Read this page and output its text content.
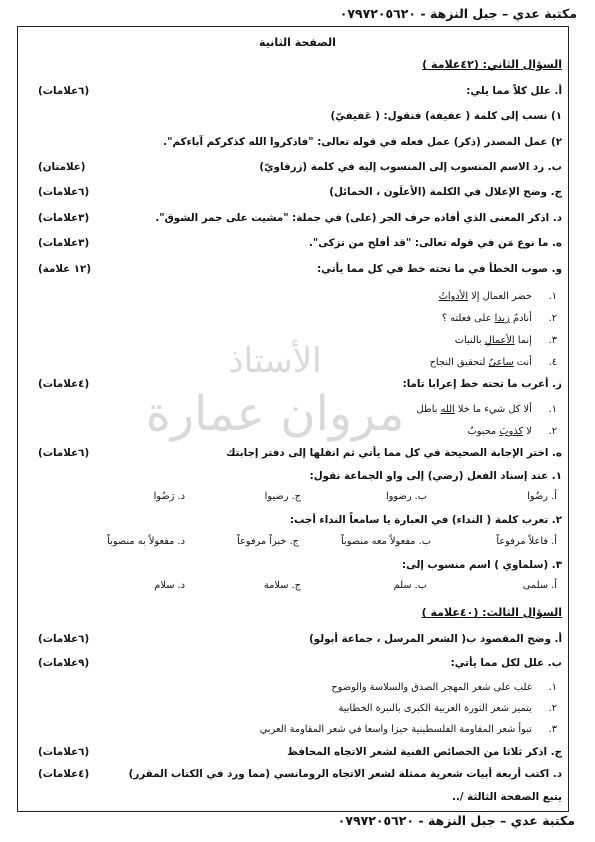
مكتبة عدي – جبل النزهة - ٠٧٩٧٢٠٥٦٢٠
الصفحة الثانية
الأستاذ
مروان عمارة
السؤال الثاني: (٤٢علامة )
أ. علل كلاً مما يلي:
(٦علامات)
١) نسب إلى كلمة ( عفيفة) فنقول: ( عَفيفيّ)
٢) عمل المصدر (ذكر) عمل فعله في قوله تعالى: "فاذكروا الله كذكركم آباءكم".
ب. رد الاسم المنسوب إلى المنسوب إليه في كلمة (زرقاويّ)
(علامتان)
ج. وضح الإعلال في الكلمة (الأعلَون ، الخمائل)
(٦علامات)
د. اذكر المعنى الذي أفاده حرف الجر (على) في جملة: "مشيت على جمر الشوق".
(٣علامات)
ه. ما نوع مَن في قوله تعالى: "قد أفلح من تزكى".
(٣علامات)
و. صوب الخطأ في ما تحته خط في كل مما يأتي:
(١٢ علامة)
١. حضر العمال إلا الأدواتُ
٢. أنادمُ زيدا على فعلته ؟
٣. إنما الأعمالِ بالنيات
٤. أنت ساعيٌ لتحقيق النجاح
ز. أعرب ما تحته خط إعرابا تاما:
(٤علامات)
١. ألا كل شيء ما خلا الله باطل
٢. لا كذوبَ محبوبٌ
ه. اختر الإجابة الصحيحة في كل مما يأتي ثم انقلها إلى دفتر إجابتك
(٦علامات)
١. عند إسناد الفعل (رضي) إلى واو الجماعة نقول:
أ. رضُوا
ب. رضووا
ج. رضيوا
د. رَضُوا
٢. تعرب كلمة ( النداء) في العبارة يا سامعاً النداء أجب:
أ. فاعلاً مرفوعاً
ب. مفعولاً معه منصوباً
ج. خبراً مرفوعاً
د. مفعولاً به منصوباً
٣. (سلماوي ) اسم منسوب إلى:
أ. سلمى
ب. سلم
ج. سلامة
د. سلام
السؤال الثالث: (٤٠علامة )
أ. وضح المقصود ب( الشعر المرسل ، جماعة أبولو)
(٦علامات)
ب. علل لكل مما يأتي:
(٩علامات)
١. غلب على شعر المهجر الصدق والسلاسة والوضوح
٢. يتميز شعر الثورة العربية الكبرى بالنبرة الخطابية
٣. تبوأ شعر المقاومة الفلسطينية حيزا واسعا في شعر المقاومة العربي
ج. اذكر ثلاثا من الخصائص الفنية لشعر الاتجاه المحافظ
(٦علامات)
د. اكتب أربعة أبيات شعرية ممثلة لشعر الاتجاه الرومانسي (مما ورد في الكتاب المقرر)
(٤علامات)
يتبع الصفحة الثالثة /..
مكتبة عدي – جبل النزهة - ٠٧٩٧٢٠٥٦٢٠
